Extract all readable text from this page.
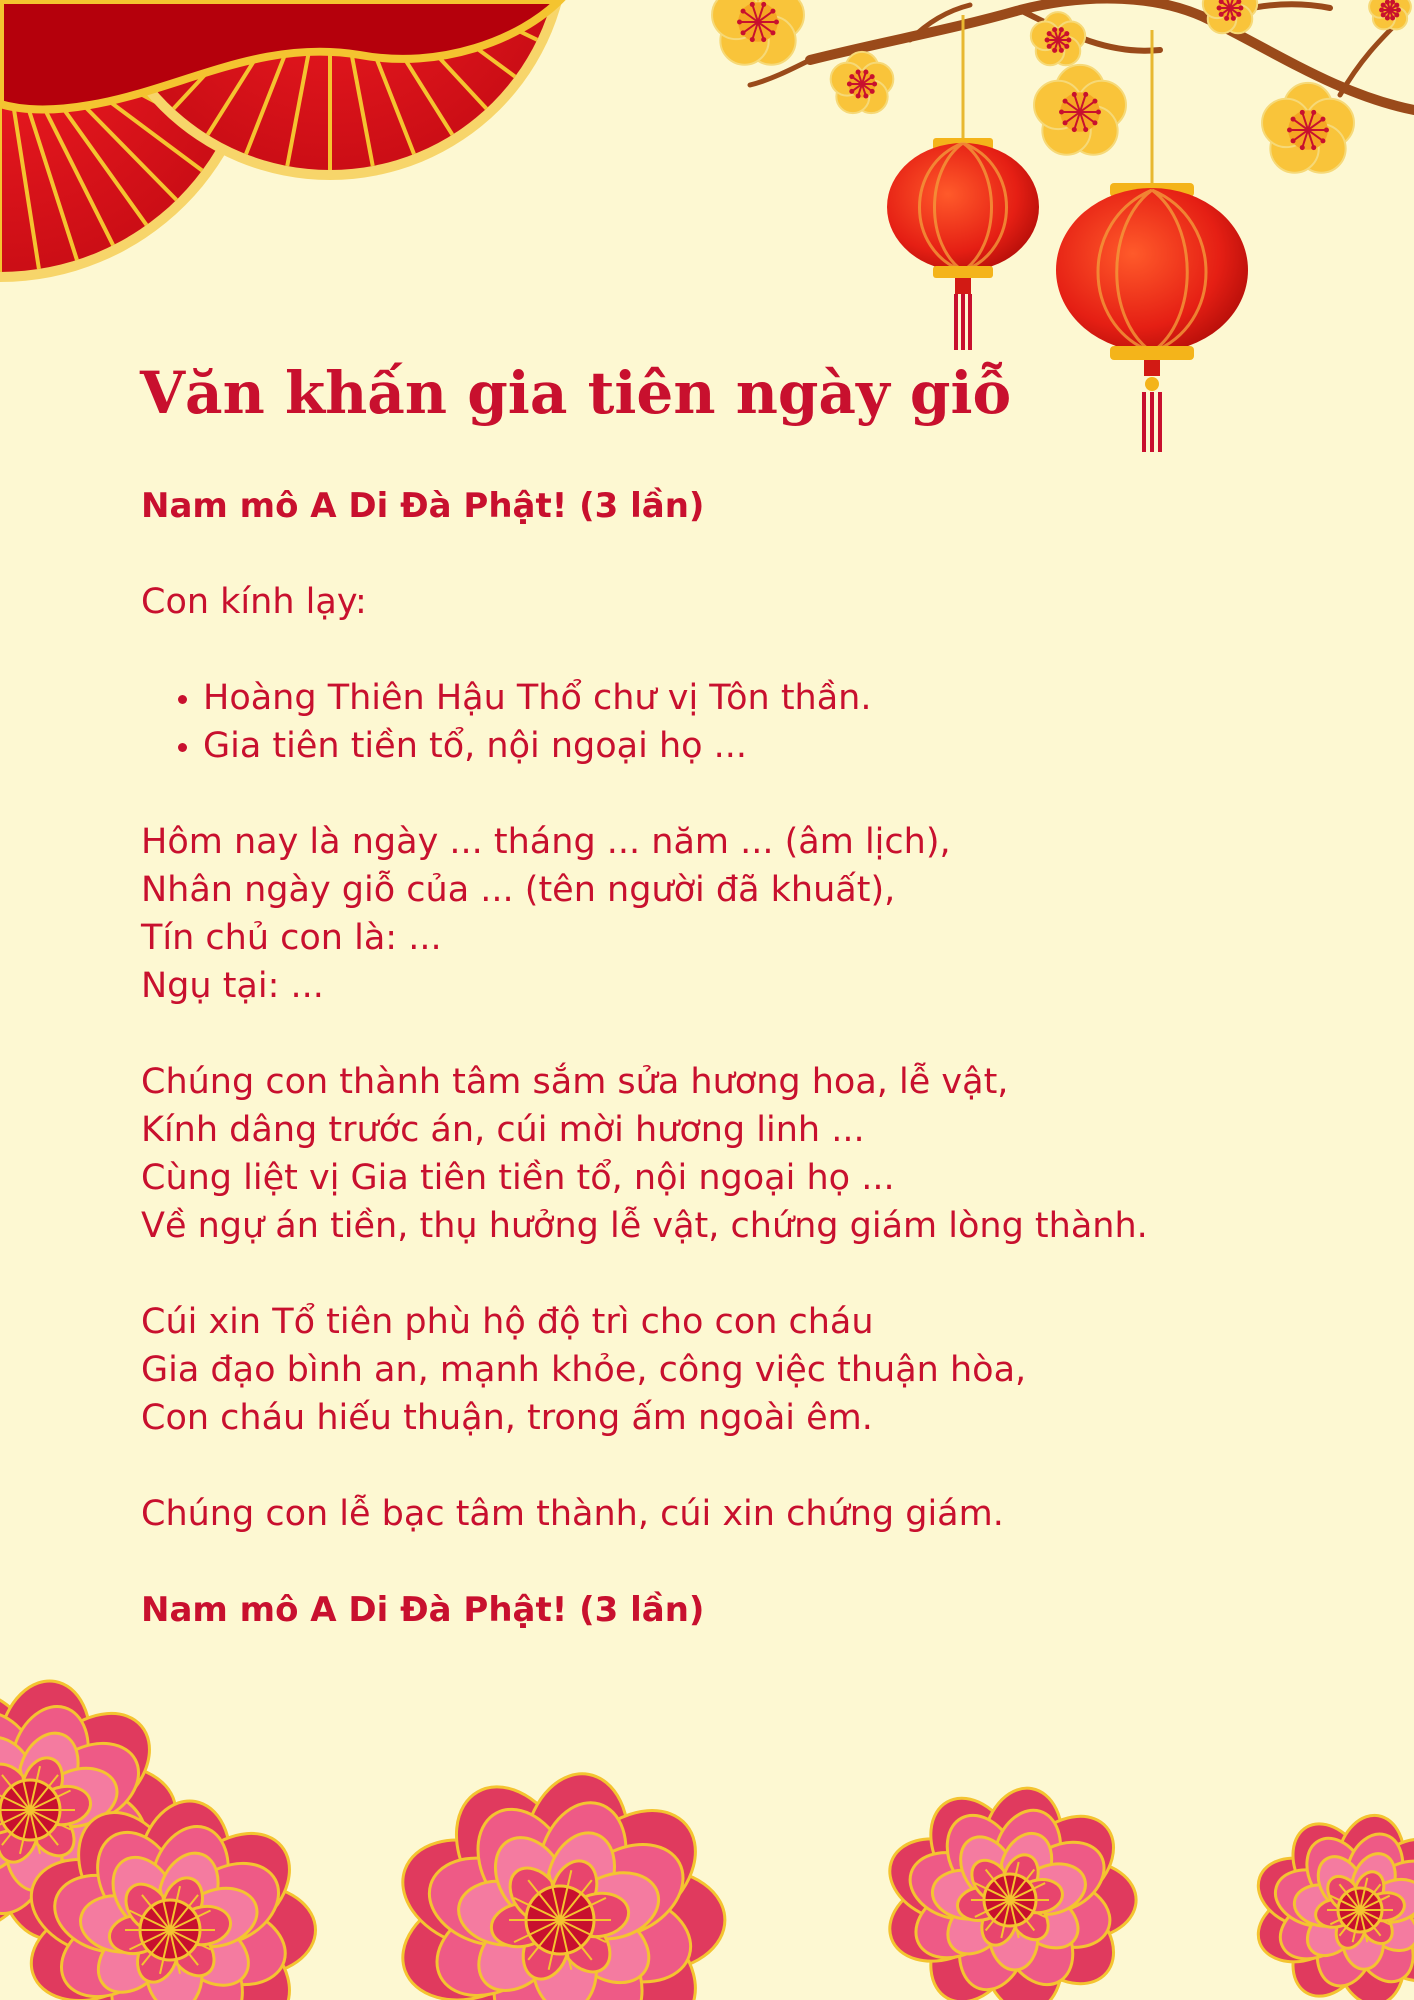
Văn khấn gia tiên ngày giỗ

Nam mô A Di Đà Phật! (3 lần)

Con kính lạy:

• Hoàng Thiên Hậu Thổ chư vị Tôn thần.
• Gia tiên tiền tổ, nội ngoại họ ...

Hôm nay là ngày ... tháng ... năm ... (âm lịch),

Nhân ngày giỗ của ... (tên người đã khuất),

Tín chủ con là: ...

Ngụ tại: ...

Chúng con thành tâm sắm sửa hương hoa, lễ vật,

Kính dâng trước án, cúi mời hương linh ...

Cùng liệt vị Gia tiên tiền tổ, nội ngoại họ ...

Về ngự án tiền, thụ hưởng lễ vật, chứng giám lòng thành.

Cúi xin Tổ tiên phù hộ độ trì cho con cháu

Gia đạo bình an, mạnh khỏe, công việc thuận hòa,

Con cháu hiếu thuận, trong ấm ngoài êm.

Chúng con lễ bạc tâm thành, cúi xin chứng giám.

Nam mô A Di Đà Phật! (3 lần)
